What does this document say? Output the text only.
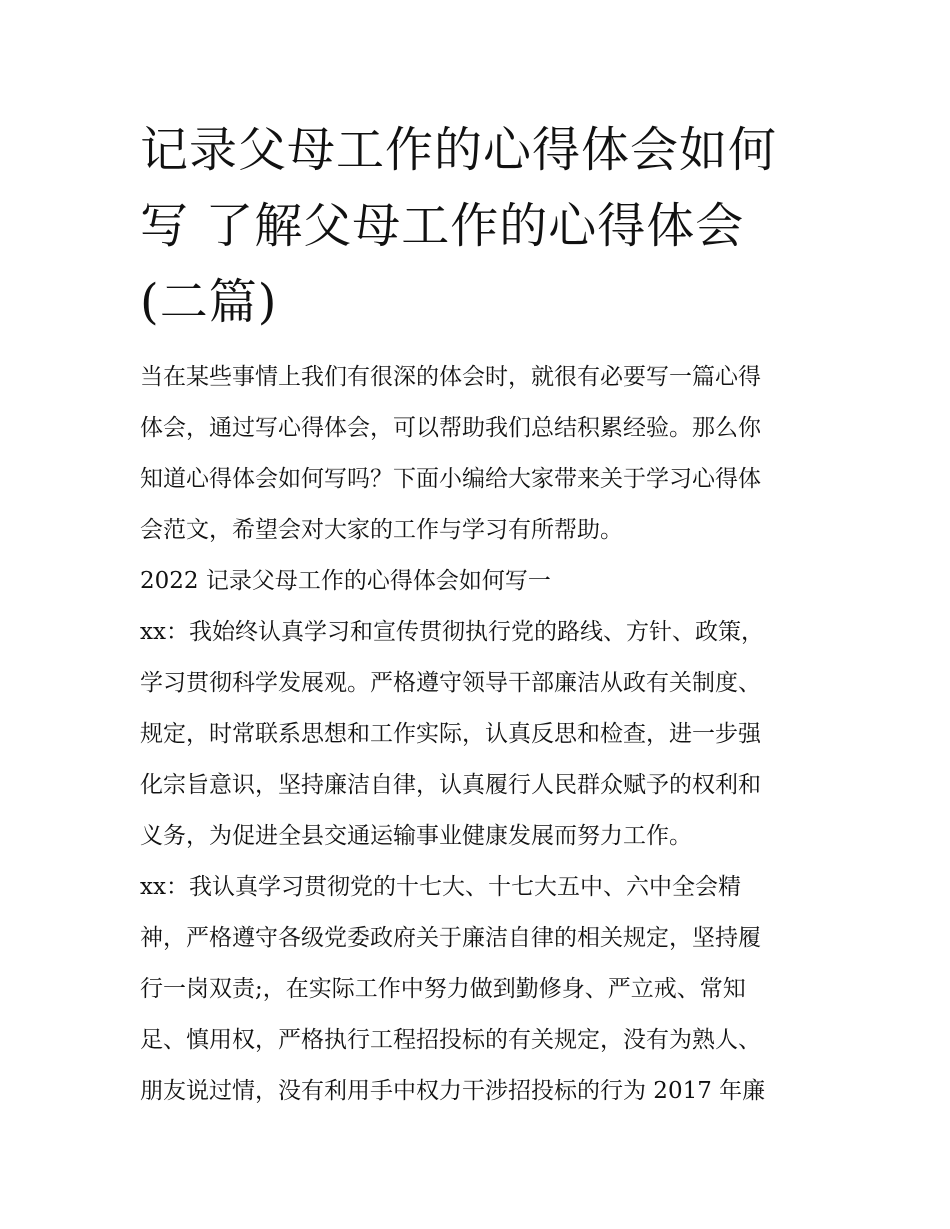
记录父母工作的心得体会如何
写 了解父母工作的心得体会
(二篇)
当在某些事情上我们有很深的体会时，就很有必要写一篇心得
体会，通过写心得体会，可以帮助我们总结积累经验。那么你
知道心得体会如何写吗？下面小编给大家带来关于学习心得体
会范文，希望会对大家的工作与学习有所帮助。
2022 记录父母工作的心得体会如何写一
xx：我始终认真学习和宣传贯彻执行党的路线、方针、政策，
学习贯彻科学发展观。严格遵守领导干部廉洁从政有关制度、
规定，时常联系思想和工作实际，认真反思和检查，进一步强
化宗旨意识，坚持廉洁自律，认真履行人民群众赋予的权利和
义务，为促进全县交通运输事业健康发展而努力工作。
xx：我认真学习贯彻党的十七大、十七大五中、六中全会精
神，严格遵守各级党委政府关于廉洁自律的相关规定，坚持履
行一岗双责;，在实际工作中努力做到勤修身、严立戒、常知
足、慎用权，严格执行工程招投标的有关规定，没有为熟人、
朋友说过情，没有利用手中权力干涉招投标的行为 2017 年廉
